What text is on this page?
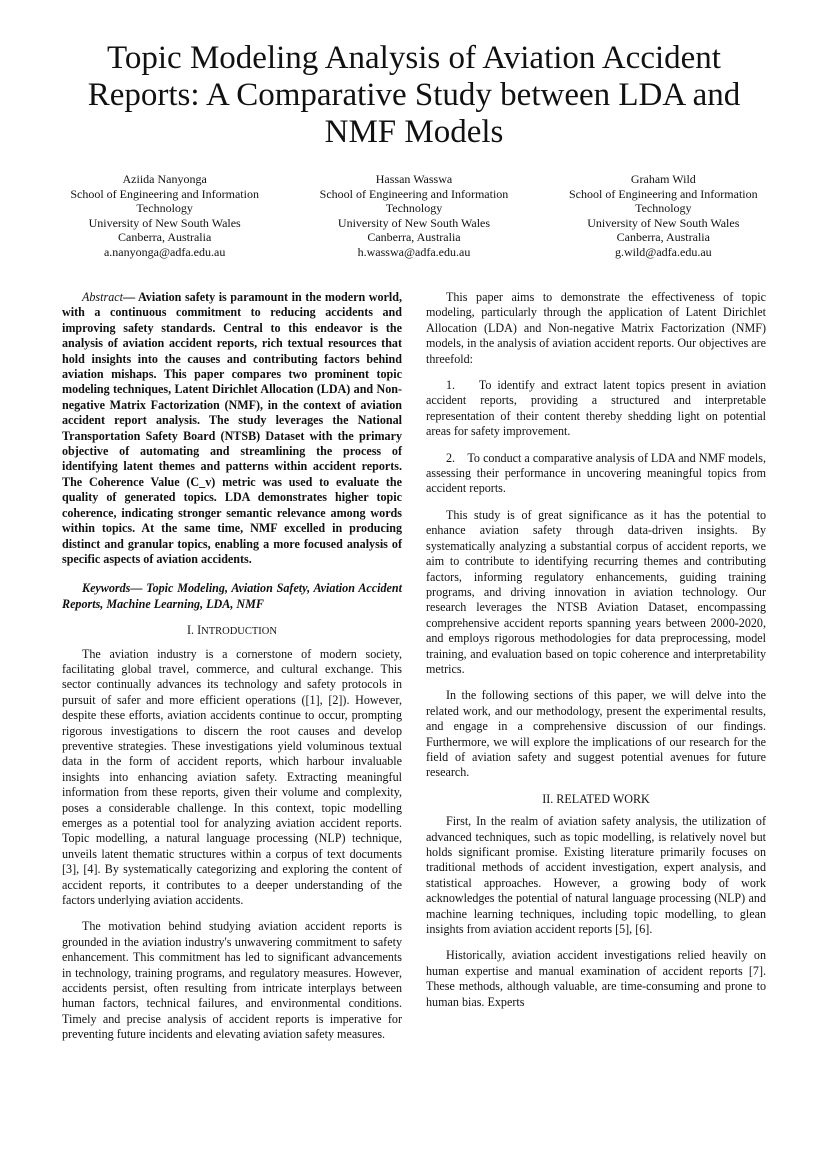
Topic Modeling Analysis of Aviation Accident Reports: A Comparative Study between LDA and NMF Models
Aziida Nanyonga
School of Engineering and Information Technology
University of New South Wales
Canberra, Australia
a.nanyonga@adfa.edu.au
Hassan Wasswa
School of Engineering and Information Technology
University of New South Wales
Canberra, Australia
h.wasswa@adfa.edu.au
Graham Wild
School of Engineering and Information Technology
University of New South Wales
Canberra, Australia
g.wild@adfa.edu.au

Abstract— Aviation safety is paramount in the modern world, with a continuous commitment to reducing accidents and improving safety standards. Central to this endeavor is the analysis of aviation accident reports, rich textual resources that hold insights into the causes and contributing factors behind aviation mishaps. This paper compares two prominent topic modeling techniques, Latent Dirichlet Allocation (LDA) and Non-negative Matrix Factorization (NMF), in the context of aviation accident report analysis. The study leverages the National Transportation Safety Board (NTSB) Dataset with the primary objective of automating and streamlining the process of identifying latent themes and patterns within accident reports. The Coherence Value (C_v) metric was used to evaluate the quality of generated topics. LDA demonstrates higher topic coherence, indicating stronger semantic relevance among words within topics. At the same time, NMF excelled in producing distinct and granular topics, enabling a more focused analysis of specific aspects of aviation accidents.

Keywords— Topic Modeling, Aviation Safety, Aviation Accident Reports, Machine Learning, LDA, NMF

I. INTRODUCTION

The aviation industry is a cornerstone of modern society, facilitating global travel, commerce, and cultural exchange. This sector continually advances its technology and safety protocols in pursuit of safer and more efficient operations ([1], [2]). However, despite these efforts, aviation accidents continue to occur, prompting rigorous investigations to discern the root causes and develop preventive strategies. These investigations yield voluminous textual data in the form of accident reports, which harbour invaluable insights into enhancing aviation safety. Extracting meaningful information from these reports, given their volume and complexity, poses a considerable challenge. In this context, topic modelling emerges as a potential tool for analyzing aviation accident reports. Topic modelling, a natural language processing (NLP) technique, unveils latent thematic structures within a corpus of text documents [3], [4]. By systematically categorizing and exploring the content of accident reports, it contributes to a deeper understanding of the factors underlying aviation accidents.

The motivation behind studying aviation accident reports is grounded in the aviation industry's unwavering commitment to safety enhancement. This commitment has led to significant advancements in technology, training programs, and regulatory measures. However, accidents persist, often resulting from intricate interplays between human factors, technical failures, and environmental conditions. Timely and precise analysis of accident reports is imperative for preventing future incidents and elevating aviation safety measures.

This paper aims to demonstrate the effectiveness of topic modeling, particularly through the application of Latent Dirichlet Allocation (LDA) and Non-negative Matrix Factorization (NMF) models, in the analysis of aviation accident reports. Our objectives are threefold:

1.    To identify and extract latent topics present in aviation accident reports, providing a structured and interpretable representation of their content thereby shedding light on potential areas for safety improvement.

2.    To conduct a comparative analysis of LDA and NMF models, assessing their performance in uncovering meaningful topics from accident reports.

This study is of great significance as it has the potential to enhance aviation safety through data-driven insights. By systematically analyzing a substantial corpus of accident reports, we aim to contribute to identifying recurring themes and contributing factors, informing regulatory enhancements, guiding training programs, and driving innovation in aviation technology. Our research leverages the NTSB Aviation Dataset, encompassing comprehensive accident reports spanning years between 2000-2020, and employs rigorous methodologies for data preprocessing, model training, and evaluation based on topic coherence and interpretability metrics.

In the following sections of this paper, we will delve into the related work, and our methodology, present the experimental results, and engage in a comprehensive discussion of our findings. Furthermore, we will explore the implications of our research for the field of aviation safety and suggest potential avenues for future research.

II. RELATED WORK

First, In the realm of aviation safety analysis, the utilization of advanced techniques, such as topic modelling, is relatively novel but holds significant promise. Existing literature primarily focuses on traditional methods of accident investigation, expert analysis, and statistical approaches. However, a growing body of work acknowledges the potential of natural language processing (NLP) and machine learning techniques, including topic modelling, to glean insights from aviation accident reports [5], [6].

Historically, aviation accident investigations relied heavily on human expertise and manual examination of accident reports [7]. These methods, although valuable, are time-consuming and prone to human bias. Experts
